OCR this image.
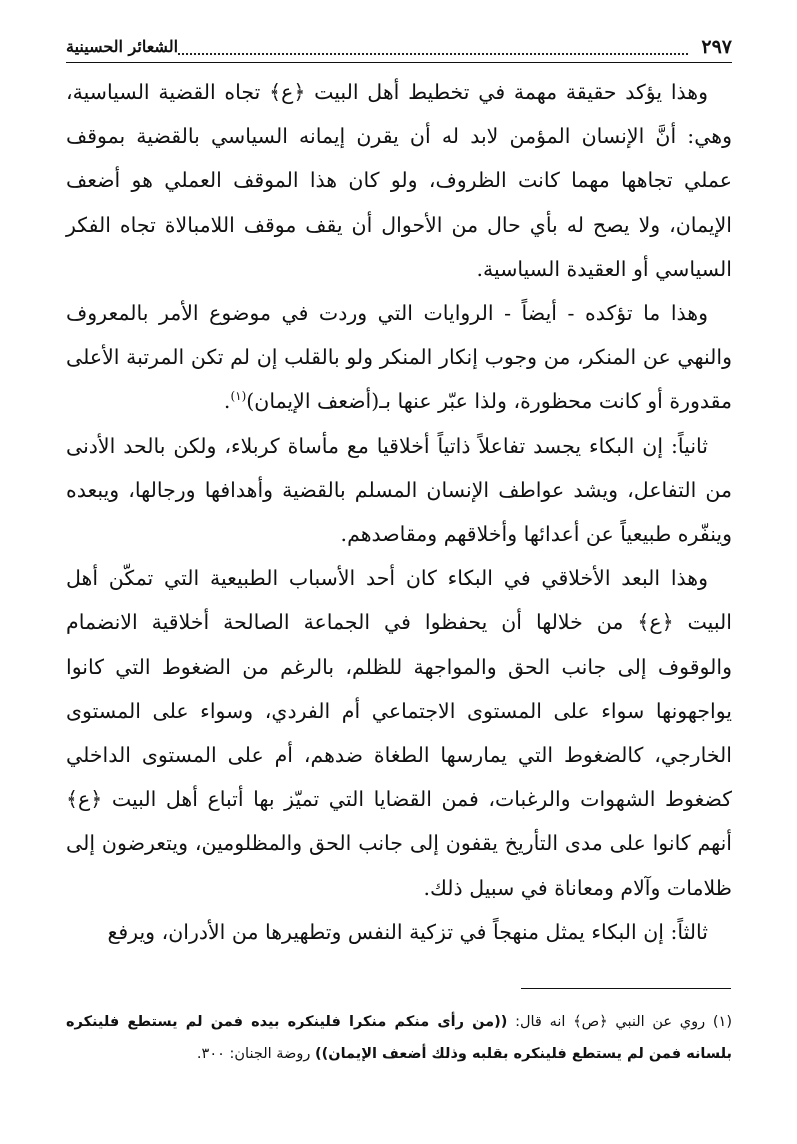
٢٩٧
الشعائر الحسينية

وهذا يؤكد حقيقة مهمة في تخطيط أهل البيت ﴿ع﴾ تجاه القضية السياسية، وهي: أنَّ الإنسان المؤمن لابد له أن يقرن إيمانه السياسي بالقضية بموقف عملي تجاهها مهما كانت الظروف، ولو كان هذا الموقف العملي هو أضعف الإيمان، ولا يصح له بأي حال من الأحوال أن يقف موقف اللامبالاة تجاه الفكر السياسي أو العقيدة السياسية.

وهذا ما تؤكده - أيضاً - الروايات التي وردت في موضوع الأمر بالمعروف والنهي عن المنكر، من وجوب إنكار المنكر ولو بالقلب إن لم تكن المرتبة الأعلى مقدورة أو كانت محظورة، ولذا عبّر عنها بـ(أضعف الإيمان)$^{(١)}$.

ثانياً: إن البكاء يجسد تفاعلاً ذاتياً أخلاقيا مع مأساة كربلاء، ولكن بالحد الأدنى من التفاعل، ويشد عواطف الإنسان المسلم بالقضية وأهدافها ورجالها، ويبعده وينفّره طبيعياً عن أعدائها وأخلاقهم ومقاصدهم.

وهذا البعد الأخلاقي في البكاء كان أحد الأسباب الطبيعية التي تمكّن أهل البيت ﴿ع﴾ من خلالها أن يحفظوا في الجماعة الصالحة أخلاقية الانضمام والوقوف إلى جانب الحق والمواجهة للظلم، بالرغم من الضغوط التي كانوا يواجهونها سواء على المستوى الاجتماعي أم الفردي، وسواء على المستوى الخارجي، كالضغوط التي يمارسها الطغاة ضدهم، أم على المستوى الداخلي كضغوط الشهوات والرغبات، فمن القضايا التي تميّز بها أتباع أهل البيت ﴿ع﴾ أنهم كانوا على مدى التأريخ يقفون إلى جانب الحق والمظلومين، ويتعرضون إلى ظلامات وآلام ومعاناة في سبيل ذلك.

ثالثاً: إن البكاء يمثل منهجاً في تزكية النفس وتطهيرها من الأدران، ويرفع

(١) روي عن النبي ﴿ص﴾ انه قال: ((من رأى منكم منكرا فلينكره بيده فمن لم يستطع فلينكره بلسانه فمن لم يستطع فلينكره بقلبه وذلك أضعف الإيمان)) روضة الجنان: ٣٠٠.
